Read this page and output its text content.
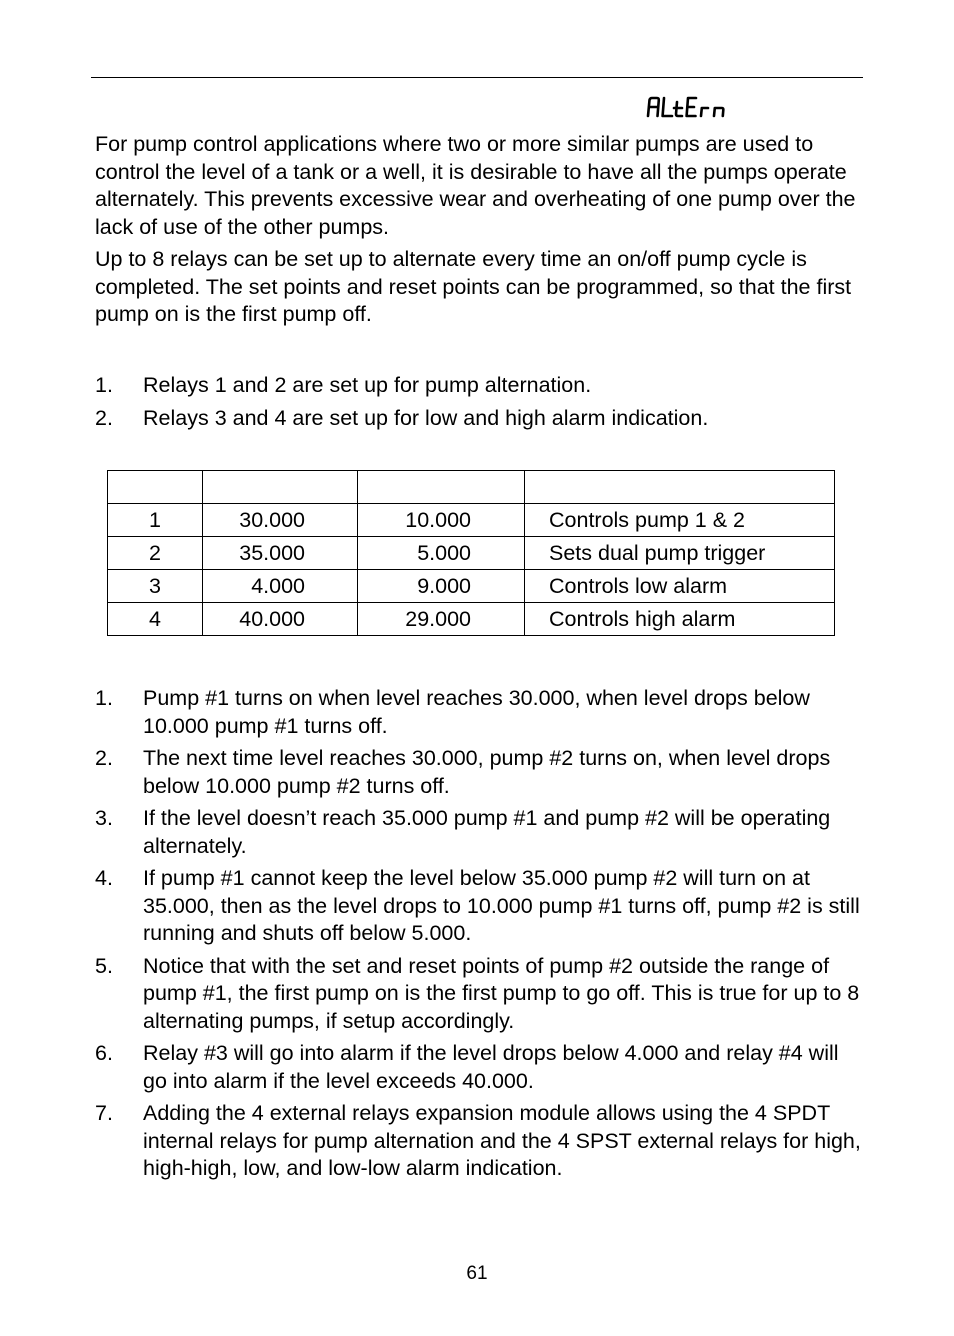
ALtErn

For pump control applications where two or more similar pumps are used to control the level of a tank or a well, it is desirable to have all the pumps operate alternately. This prevents excessive wear and overheating of one pump over the lack of use of the other pumps.

Up to 8 relays can be set up to alternate every time an on/off pump cycle is completed. The set points and reset points can be programmed, so that the first pump on is the first pump off.

1. Relays 1 and 2 are set up for pump alternation.
2. Relays 3 and 4 are set up for low and high alarm indication.

1	30.000	10.000	Controls pump 1 & 2
2	35.000	5.000	Sets dual pump trigger
3	4.000	9.000	Controls low alarm
4	40.000	29.000	Controls high alarm
1. Pump #1 turns on when level reaches 30.000, when level drops below 10.000 pump #1 turns off.
2. The next time level reaches 30.000, pump #2 turns on, when level drops below 10.000 pump #2 turns off.
3. If the level doesn’t reach 35.000 pump #1 and pump #2 will be operating alternately.
4. If pump #1 cannot keep the level below 35.000 pump #2 will turn on at 35.000, then as the level drops to 10.000 pump #1 turns off, pump #2 is still running and shuts off below 5.000.
5. Notice that with the set and reset points of pump #2 outside the range of pump #1, the first pump on is the first pump to go off. This is true for up to 8 alternating pumps, if setup accordingly.
6. Relay #3 will go into alarm if the level drops below 4.000 and relay #4 will go into alarm if the level exceeds 40.000.
7. Adding the 4 external relays expansion module allows using the 4 SPDT internal relays for pump alternation and the 4 SPST external relays for high, high-high, low, and low-low alarm indication.
61
